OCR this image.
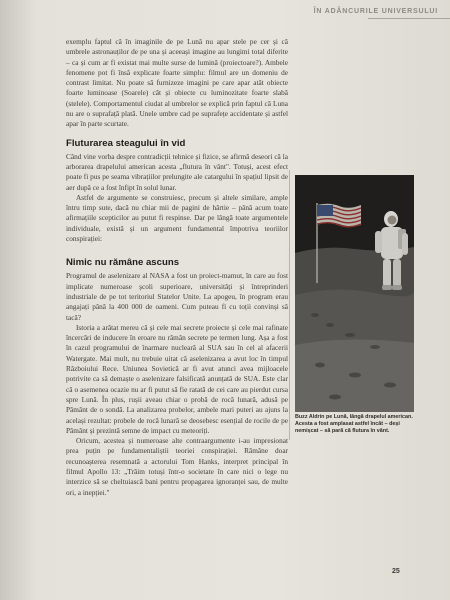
ÎN ADÂNCURILE UNIVERSULUI

exemplu faptul că în imaginile de pe Lună nu apar stele pe cer și că umbrele astronauților de pe una și aceeași imagine au lungimi total diferite – ca și cum ar fi existat mai multe surse de lumină (proiectoare?). Ambele fenomene pot fi însă explicate foarte simplu: filmul are un domeniu de contrast limitat. Nu poate să furnizeze imagini pe care apar atât obiecte foarte luminoase (Soarele) cât și obiecte cu luminozitate foarte slabă (stelele). Comportamentul ciudat al umbrelor se explică prin faptul că Luna nu are o suprafață plată. Unele umbre cad pe suprafețe accidentate și astfel apar în parte scurtate.

Fluturarea steagului în vid

Când vine vorba despre contradicții tehnice și fizice, se afirmă deseori că la arborarea drapelului american acesta „flutura în vânt". Totuși, acest efect poate fi pus pe seama vibrațiilor prelungite ale catargului în spațiul lipsit de aer după ce a fost înfipt în solul lunar.

Astfel de argumente se construiesc, precum și altele similare, ample întru timp sute, dacă nu chiar mii de pagini de hârtie – până acum toate afirmațiile scepticilor au putut fi respinse. Dar pe lângă toate argumentele individuale, există și un argument fundamental împotriva teoriilor conspirației:

Nimic nu rămâne ascuns

Programul de aselenizare al NASA a fost un proiect-mamut, în care au fost implicate numeroase școli superioare, universități și întreprinderi industriale de pe tot teritoriul Statelor Unite. La apogeu, în program erau angajați până la 400 000 de oameni. Cum puteau fi cu toții convinși să tacă?

Istoria a arătat mereu că și cele mai secrete proiecte și cele mai rafinate încercări de inducere în eroare nu rămân secrete pe termen lung. Așa a fost în cazul programului de înarmare nucleară al SUA sau în cel al afacerii Watergate. Mai mult, nu trebuie uitat că aselenizarea a avut loc în timpul Războiului Rece. Uniunea Sovietică ar fi avut atunci avea mijloacele potrivite ca să demaște o aselenizare falsificată anunțată de SUA. Este clar că o asemenea ocazie nu ar fi putut să fie ratată de cei care au pierdut cursa spre Lună. În plus, rușii aveau chiar o probă de rocă lunară, adusă pe Pământ de o sondă. La analizarea probelor, ambele mari puteri au ajuns la același rezultat: probele de rocă lunară se deosebesc esențial de rocile de pe Pământ și prezintă semne de impact cu meteoriți.

Oricum, acestea și numeroase alte contraargumente i-au impresionat prea puțin pe fundamentaliștii teoriei conspirației. Rămâne doar recunoașterea resemnată a actorului Tom Hanks, interpret principal în filmul Apollo 13: „Trăim totuși într-o societate în care nici o lege nu interzice să se cheltuiască bani pentru propagarea ignoranței sau, de multe ori, a inepției."

Buzz Aldrin pe Lună, lângă drapelul american. Acesta a fost amplasat astfel încât – deși nemișcat – să pară că flutura în vânt.
25
